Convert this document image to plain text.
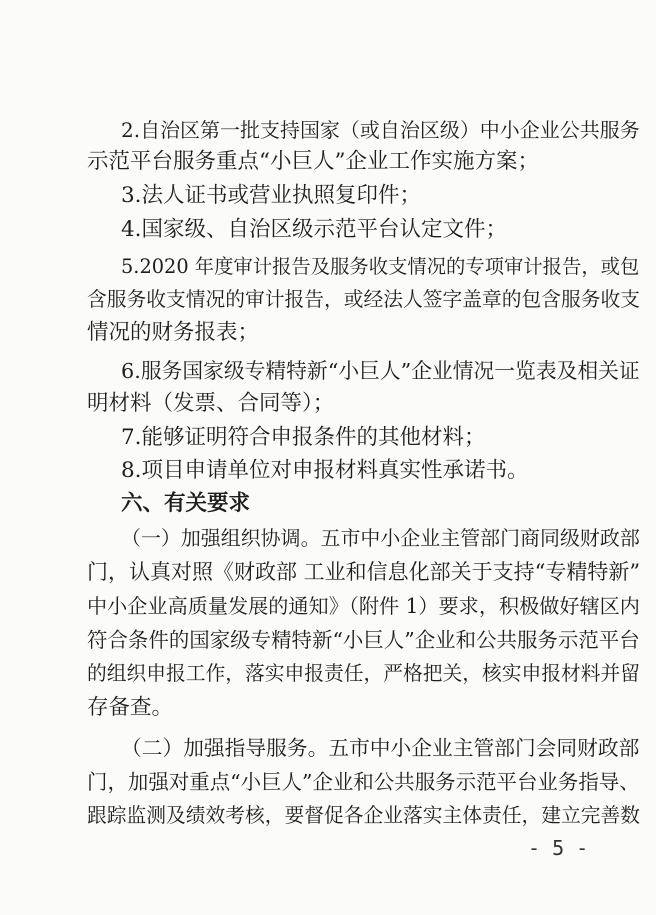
2.自治区第一批支持国家（或自治区级）中小企业公共服务

示范平台服务重点“小巨人”企业工作实施方案；

3.法人证书或营业执照复印件；

4.国家级、自治区级示范平台认定文件；

5.2020 年度审计报告及服务收支情况的专项审计报告，或包

含服务收支情况的审计报告，或经法人签字盖章的包含服务收支

情况的财务报表；

6.服务国家级专精特新“小巨人”企业情况一览表及相关证

明材料（发票、合同等）；

7.能够证明符合申报条件的其他材料；

8.项目申请单位对申报材料真实性承诺书。

六、有关要求

（一）加强组织协调。五市中小企业主管部门商同级财政部

门，认真对照《财政部 工业和信息化部关于支持“专精特新”

中小企业高质量发展的通知》（附件 1）要求，积极做好辖区内

符合条件的国家级专精特新“小巨人”企业和公共服务示范平台

的组织申报工作，落实申报责任，严格把关，核实申报材料并留

存备查。

（二）加强指导服务。五市中小企业主管部门会同财政部

门，加强对重点“小巨人”企业和公共服务示范平台业务指导、

跟踪监测及绩效考核，要督促各企业落实主体责任，建立完善数

- 5 -
